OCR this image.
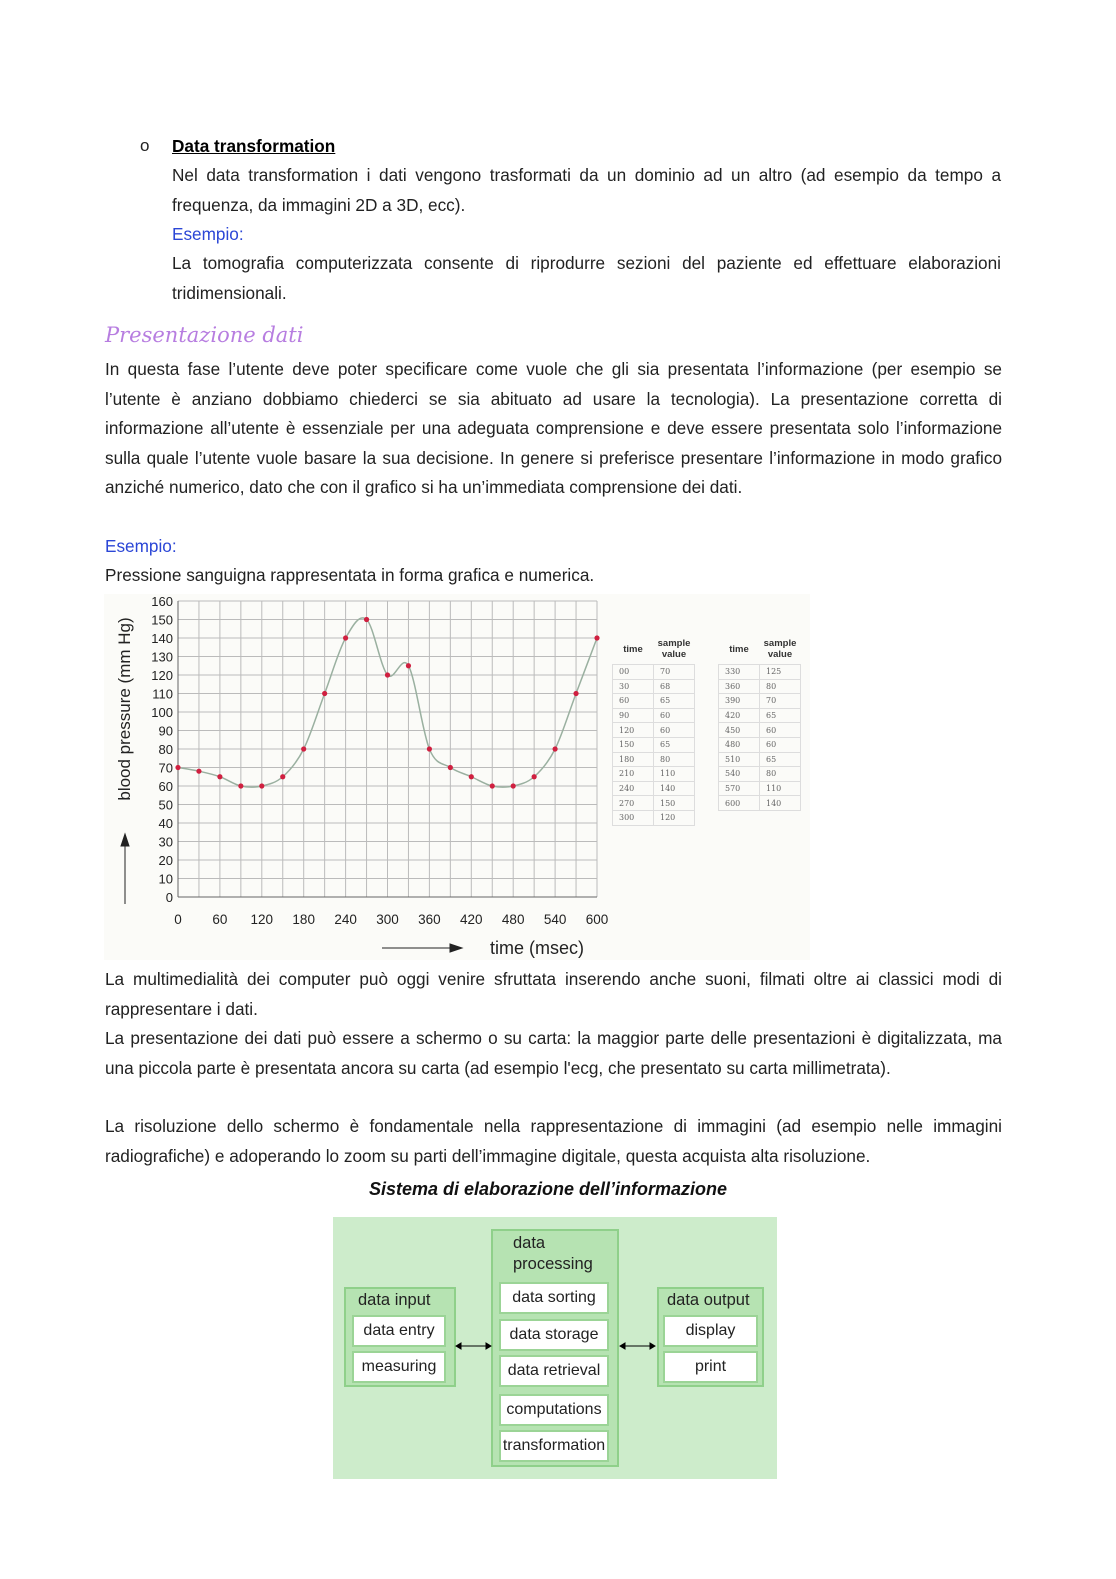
o Data transformation

Nel data transformation i dati vengono trasformati da un dominio ad un altro (ad esempio da tempo a frequenza, da immagini 2D a 3D, ecc).

Esempio:

La tomografia computerizzata consente di riprodurre sezioni del paziente ed effettuare elaborazioni tridimensionali.

Presentazione dati

In questa fase l’utente deve poter specificare come vuole che gli sia presentata l’informazione (per esempio se l’utente è anziano dobbiamo chiederci se sia abituato ad usare la tecnologia). La presentazione corretta di informazione all’utente è essenziale per una adeguata comprensione e deve essere presentata solo l’informazione sulla quale l’utente vuole basare la sua decisione. In genere si preferisce presentare l’informazione in modo grafico anziché numerico, dato che con il grafico si ha un’immediata comprensione dei dati.

Esempio:

Pressione sanguigna rappresentata in forma grafica e numerica.

0
10
20
30
40
50
60
70
80
90
100
110
120
130
140
150
160
0 60 120 180 240 300 360 420 480 540 600
blood pressure (mm Hg)
time (msec)
time	sample value
00	70
30	68
60	65
90	60
120	60
150	65
180	80
210	110
240	140
270	150
300	120
time	sample value
330	125
360	80
390	70
420	65
450	60
480	60
510	65
540	80
570	110
600	140

La multimedialità dei computer può oggi venire sfruttata inserendo anche suoni, filmati oltre ai classici modi di rappresentare i dati.

La presentazione dei dati può essere a schermo o su carta: la maggior parte delle presentazioni è digitalizzata, ma una piccola parte è presentata ancora su carta (ad esempio l'ecg, che presentato su carta millimetrata).

La risoluzione dello schermo è fondamentale nella rappresentazione di immagini (ad esempio nelle immagini radiografiche) e adoperando lo zoom su parti dell’immagine digitale, questa acquista alta risoluzione.

Sistema di elaborazione dell’informazione
data input
data entry
measuring
data processing
data sorting
data storage
data retrieval
computations
transformation
data output
display
print
